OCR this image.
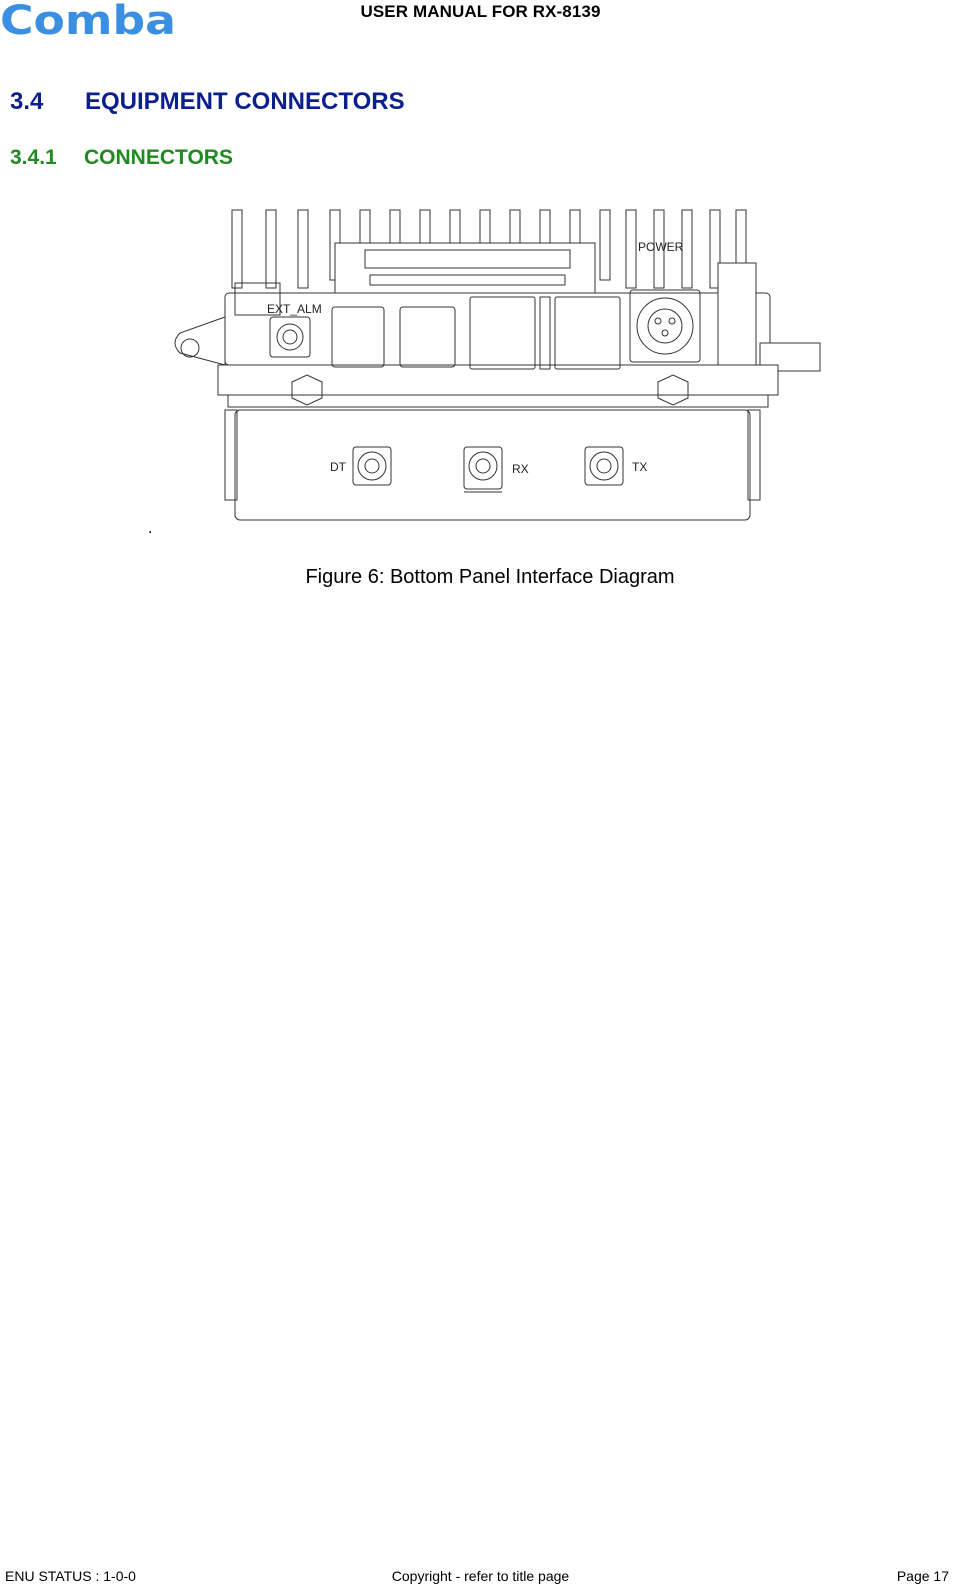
Comba	USER MANUAL FOR RX-8139
3.4 EQUIPMENT CONNECTORS
3.4.1 CONNECTORS
POWER
EXT_ALM
DT	RX	TX
.
Figure 6: Bottom Panel Interface Diagram
ENU STATUS : 1-0-0	Copyright - refer to title page	Page 17
